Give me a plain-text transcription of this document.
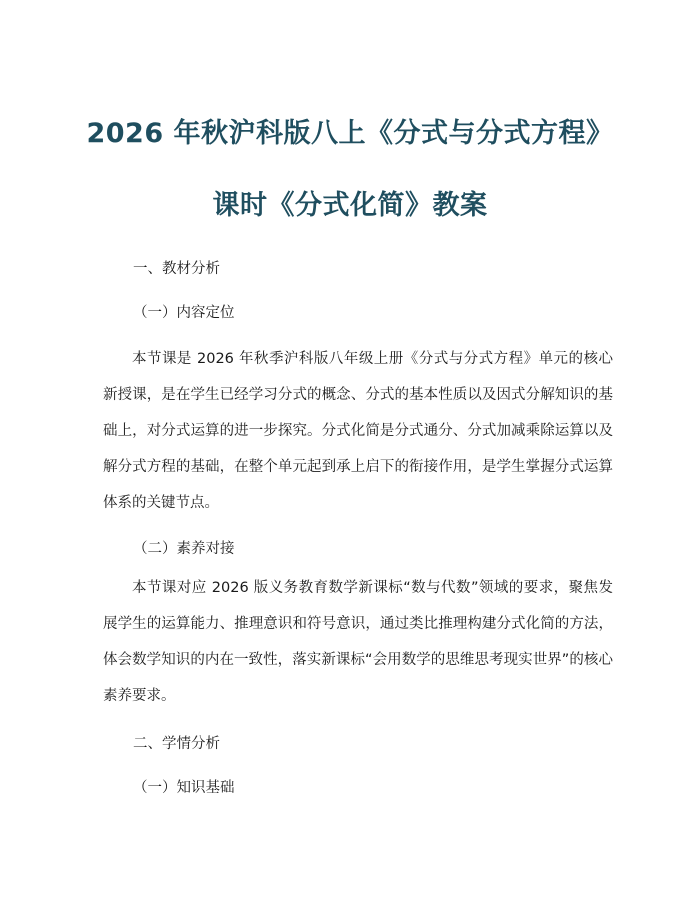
2026 年秋沪科版八上《分式与分式方程》
课时《分式化简》教案
一、教材分析
（一）内容定位
本节课是 2026 年秋季沪科版八年级上册《分式与分式方程》单元的核心新授课，是在学生已经学习分式的概念、分式的基本性质以及因式分解知识的基础上，对分式运算的进一步探究。分式化简是分式通分、分式加减乘除运算以及解分式方程的基础，在整个单元起到承上启下的衔接作用，是学生掌握分式运算体系的关键节点。
（二）素养对接
本节课对应 2026 版义务教育数学新课标“数与代数”领域的要求，聚焦发展学生的运算能力、推理意识和符号意识，通过类比推理构建分式化简的方法，体会数学知识的内在一致性，落实新课标“会用数学的思维思考现实世界”的核心素养要求。
二、学情分析
（一）知识基础
